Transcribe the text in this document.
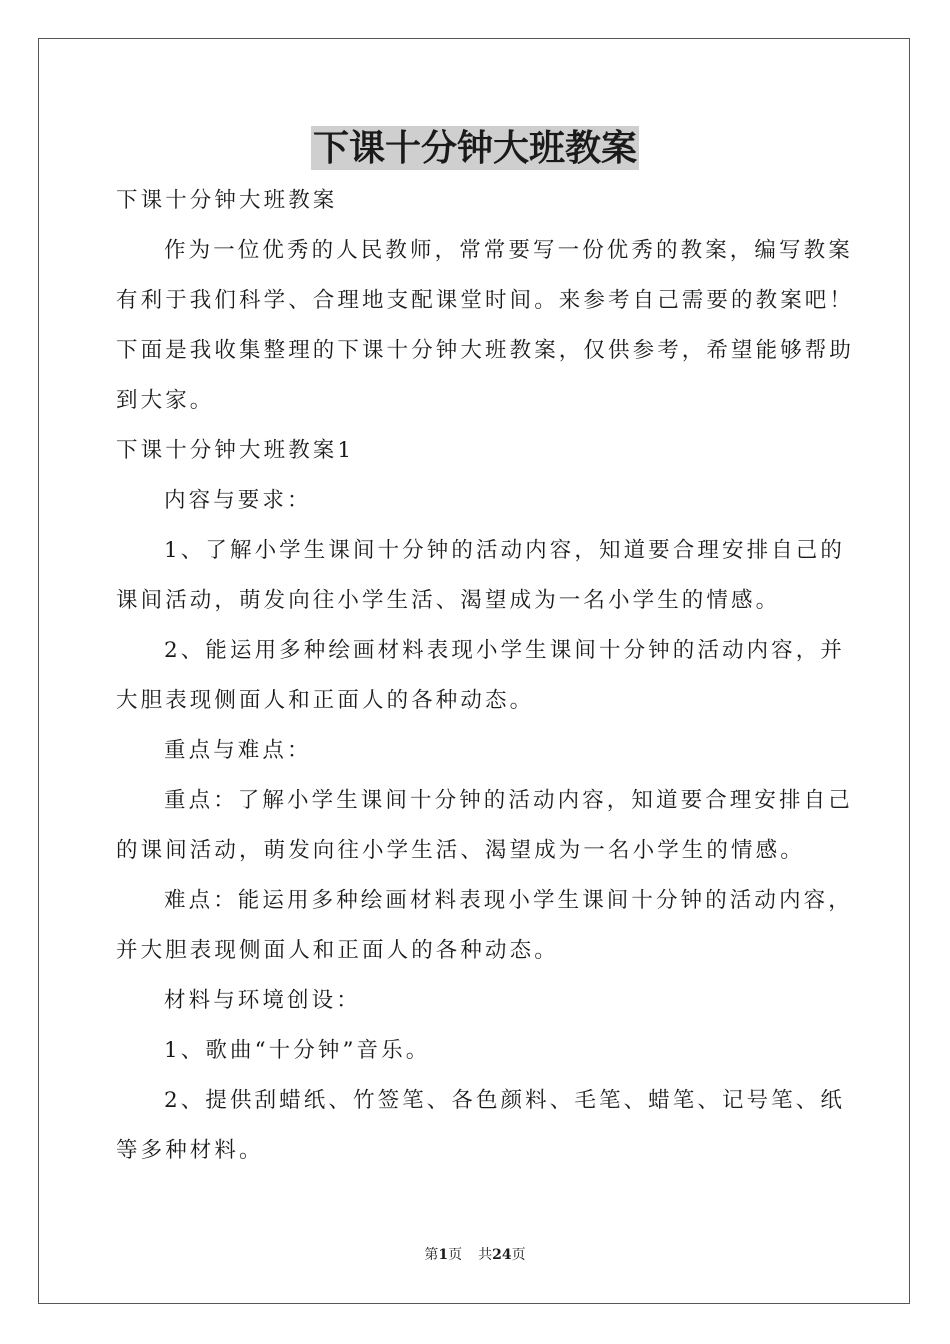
下课十分钟大班教案
下课十分钟大班教案
作为一位优秀的人民教师，常常要写一份优秀的教案，编写教案
有利于我们科学、合理地支配课堂时间。来参考自己需要的教案吧！
下面是我收集整理的下课十分钟大班教案，仅供参考，希望能够帮助
到大家。
下课十分钟大班教案1
内容与要求：
1、了解小学生课间十分钟的活动内容，知道要合理安排自己的
课间活动，萌发向往小学生活、渴望成为一名小学生的情感。
2、能运用多种绘画材料表现小学生课间十分钟的活动内容，并
大胆表现侧面人和正面人的各种动态。
重点与难点：
重点：了解小学生课间十分钟的活动内容，知道要合理安排自己
的课间活动，萌发向往小学生活、渴望成为一名小学生的情感。
难点：能运用多种绘画材料表现小学生课间十分钟的活动内容，
并大胆表现侧面人和正面人的各种动态。
材料与环境创设：
1、歌曲“十分钟”音乐。
2、提供刮蜡纸、竹签笔、各色颜料、毛笔、蜡笔、记号笔、纸
等多种材料。
第1页 共24页
